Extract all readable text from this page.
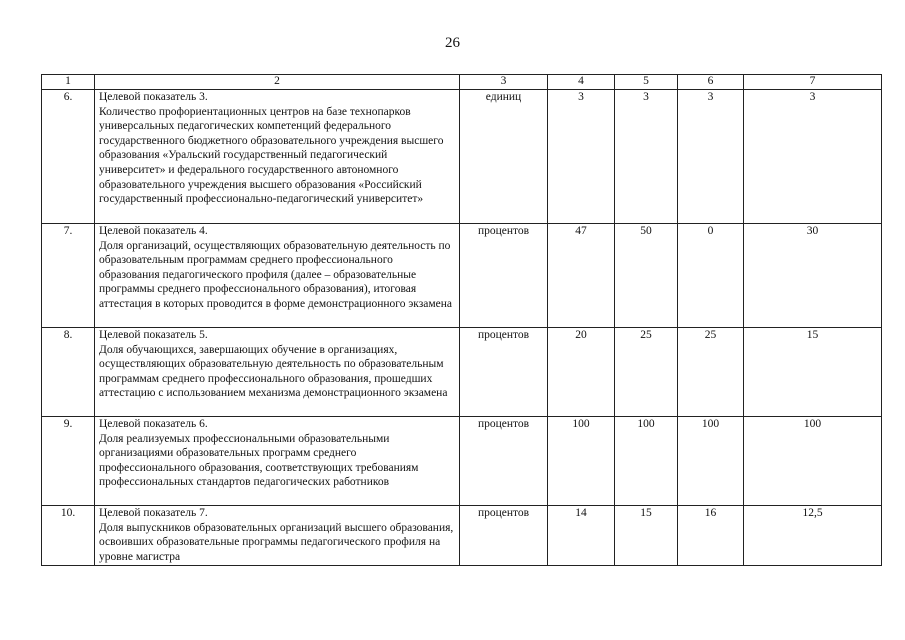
26
1	2	3	4	5	6	7
6.	Целевой показатель 3.
Количество профориентационных центров на базе технопарков универсальных педагогических компетенций федерального государственного бюджетного образовательного учреждения высшего образования «Уральский государственный педагогический университет» и федерального государственного автономного образовательного учреждения высшего образования «Российский государственный профессионально-педагогический университет»	единиц	3	3	3	3
7.	Целевой показатель 4.
Доля организаций, осуществляющих образовательную деятельность по образовательным программам среднего профессионального образования педагогического профиля (далее – образовательные программы среднего профессионального образования), итоговая аттестация в которых проводится в форме демонстрационного экзамена	процентов	47	50	0	30
8.	Целевой показатель 5.
Доля обучающихся, завершающих обучение в организациях, осуществляющих образовательную деятельность по образовательным программам среднего профессионального образования, прошедших аттестацию с использованием механизма демонстрационного экзамена	процентов	20	25	25	15
9.	Целевой показатель 6.
Доля реализуемых профессиональными образовательными организациями образовательных программ среднего профессионального образования, соответствующих требованиям профессиональных стандартов педагогических работников	процентов	100	100	100	100
10.	Целевой показатель 7.
Доля выпускников образовательных организаций высшего образования, освоивших образовательные программы педагогического профиля на уровне магистра	процентов	14	15	16	12,5
